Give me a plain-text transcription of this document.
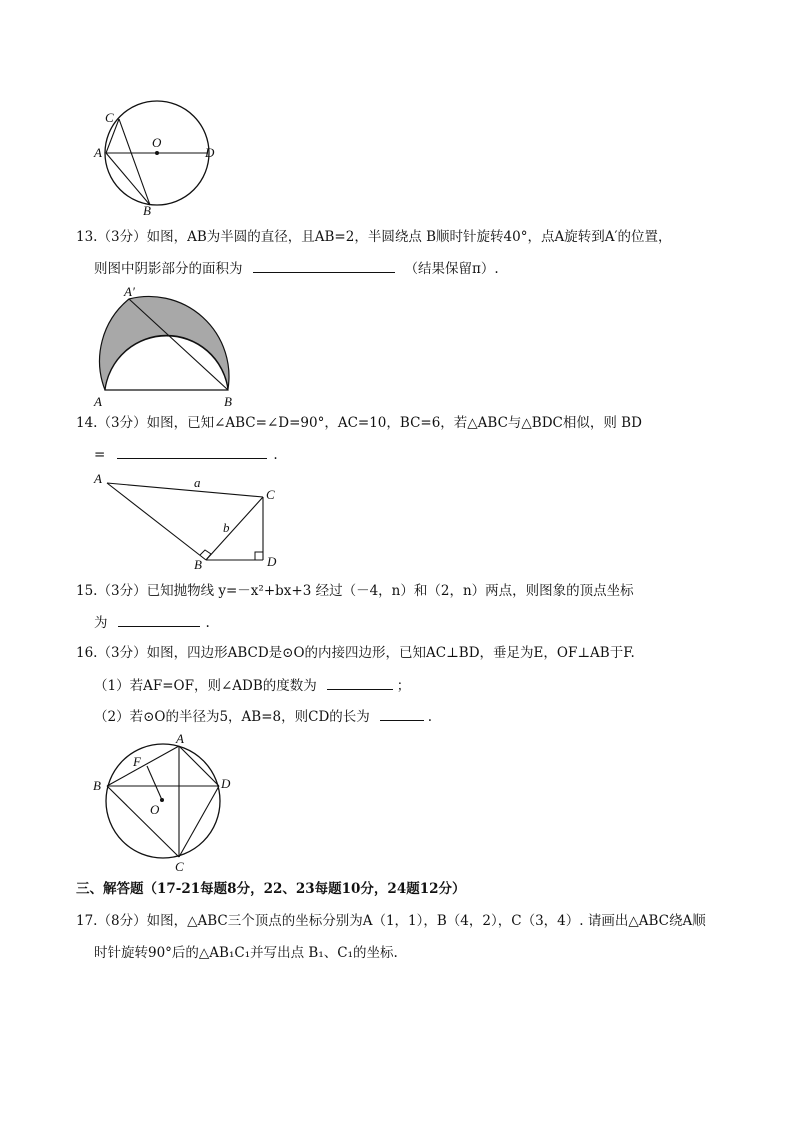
C
O
A	D
B
13.（3分）如图，AB为半圆的直径，且AB=2，半圆绕点 B顺时针旋转40°，点A旋转到A′的位置，
则图中阴影部分的面积为	（结果保留π）.
A′
A	B
14.（3分）如图，已知∠ABC=∠D=90°，AC=10，BC=6，若△ABC与△BDC相似，则 BD
=	.
A	a
C
b
B	D
15.（3分）已知抛物线 y=－x²+bx+3 经过（－4，n）和（2，n）两点，则图象的顶点坐标
为	.
16.（3分）如图，四边形ABCD是⊙O的内接四边形，已知AC⊥BD，垂足为E，OF⊥AB于F.
（1）若AF=OF，则∠ADB的度数为	；
（2）若⊙O的半径为5，AB=8，则CD的长为	.
A
F
B	D
O
C
三、解答题（17-21每题8分，22、23每题10分，24题12分）
17.（8分）如图，△ABC三个顶点的坐标分别为A（1，1），B（4，2），C（3，4）. 请画出△ABC绕A顺
时针旋转90°后的△AB₁C₁并写出点 B₁、C₁的坐标.
